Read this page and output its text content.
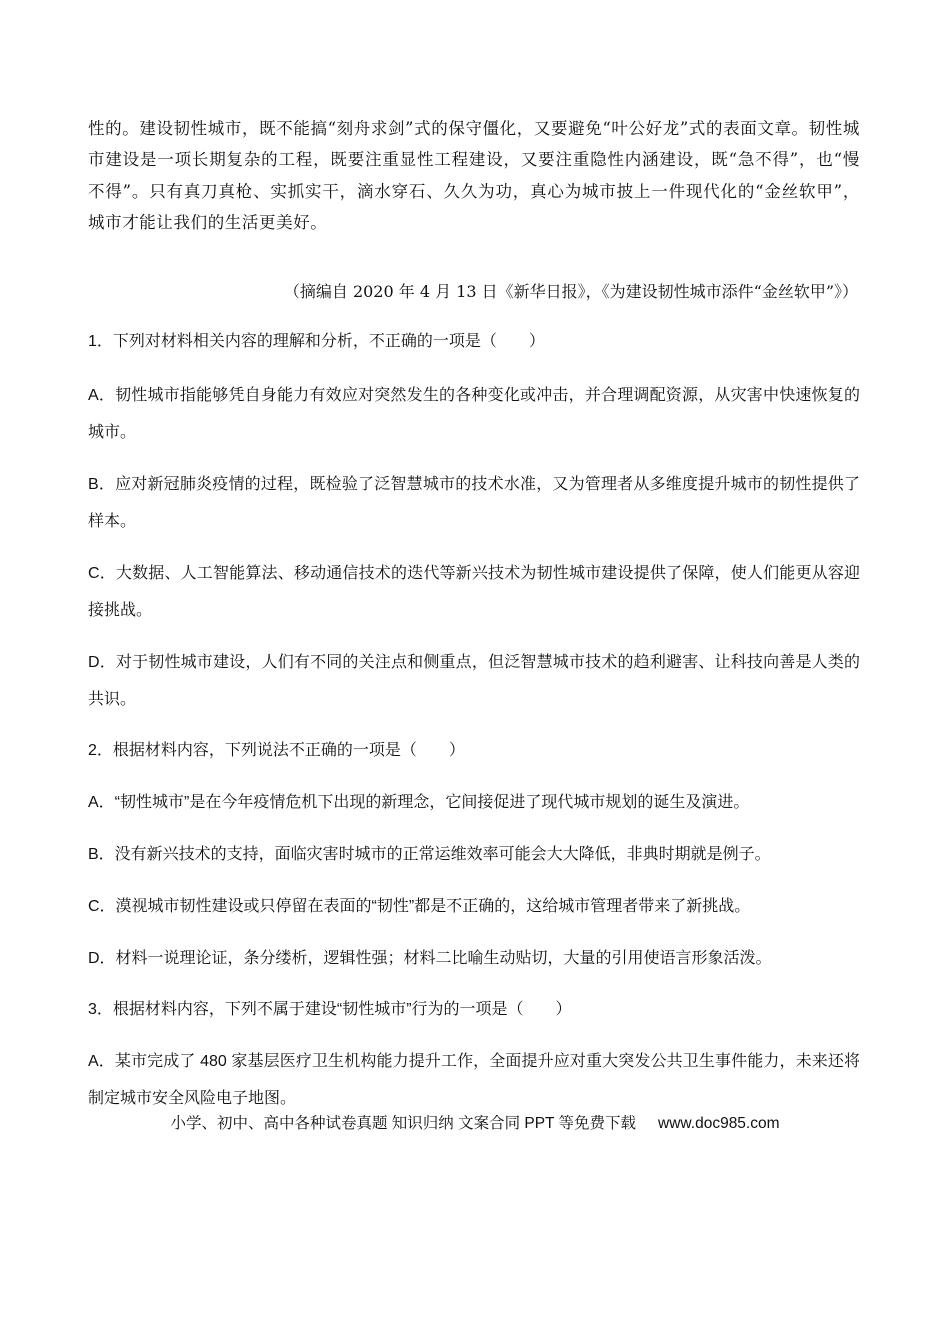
性的。建设韧性城市，既不能搞“刻舟求剑”式的保守僵化，又要避免“叶公好龙”式的表面文章。韧性城市建设是一项长期复杂的工程，既要注重显性工程建设，又要注重隐性内涵建设，既“急不得”，也“慢不得”。只有真刀真枪、实抓实干，滴水穿石、久久为功，真心为城市披上一件现代化的“金丝软甲”，城市才能让我们的生活更美好。

（摘编自 2020 年 4 月 13 日《新华日报》，《为建设韧性城市添件“金丝软甲”》）

1．下列对材料相关内容的理解和分析，不正确的一项是（　　）

A．韧性城市指能够凭自身能力有效应对突然发生的各种变化或冲击，并合理调配资源，从灾害中快速恢复的城市。

B．应对新冠肺炎疫情的过程，既检验了泛智慧城市的技术水准，又为管理者从多维度提升城市的韧性提供了样本。

C．大数据、人工智能算法、移动通信技术的迭代等新兴技术为韧性城市建设提供了保障，使人们能更从容迎接挑战。

D．对于韧性城市建设，人们有不同的关注点和侧重点，但泛智慧城市技术的趋利避害、让科技向善是人类的共识。

2．根据材料内容，下列说法不正确的一项是（　　）

A．“韧性城市”是在今年疫情危机下出现的新理念，它间接促进了现代城市规划的诞生及演进。

B．没有新兴技术的支持，面临灾害时城市的正常运维效率可能会大大降低，非典时期就是例子。

C．漠视城市韧性建设或只停留在表面的“韧性”都是不正确的，这给城市管理者带来了新挑战。

D．材料一说理论证，条分缕析，逻辑性强；材料二比喻生动贴切，大量的引用使语言形象活泼。

3．根据材料内容，下列不属于建设“韧性城市”行为的一项是（　　）

A．某市完成了 480 家基层医疗卫生机构能力提升工作，全面提升应对重大突发公共卫生事件能力，未来还将制定城市安全风险电子地图。

小学、初中、高中各种试卷真题 知识归纳 文案合同 PPT 等免费下载 www.doc985.com
